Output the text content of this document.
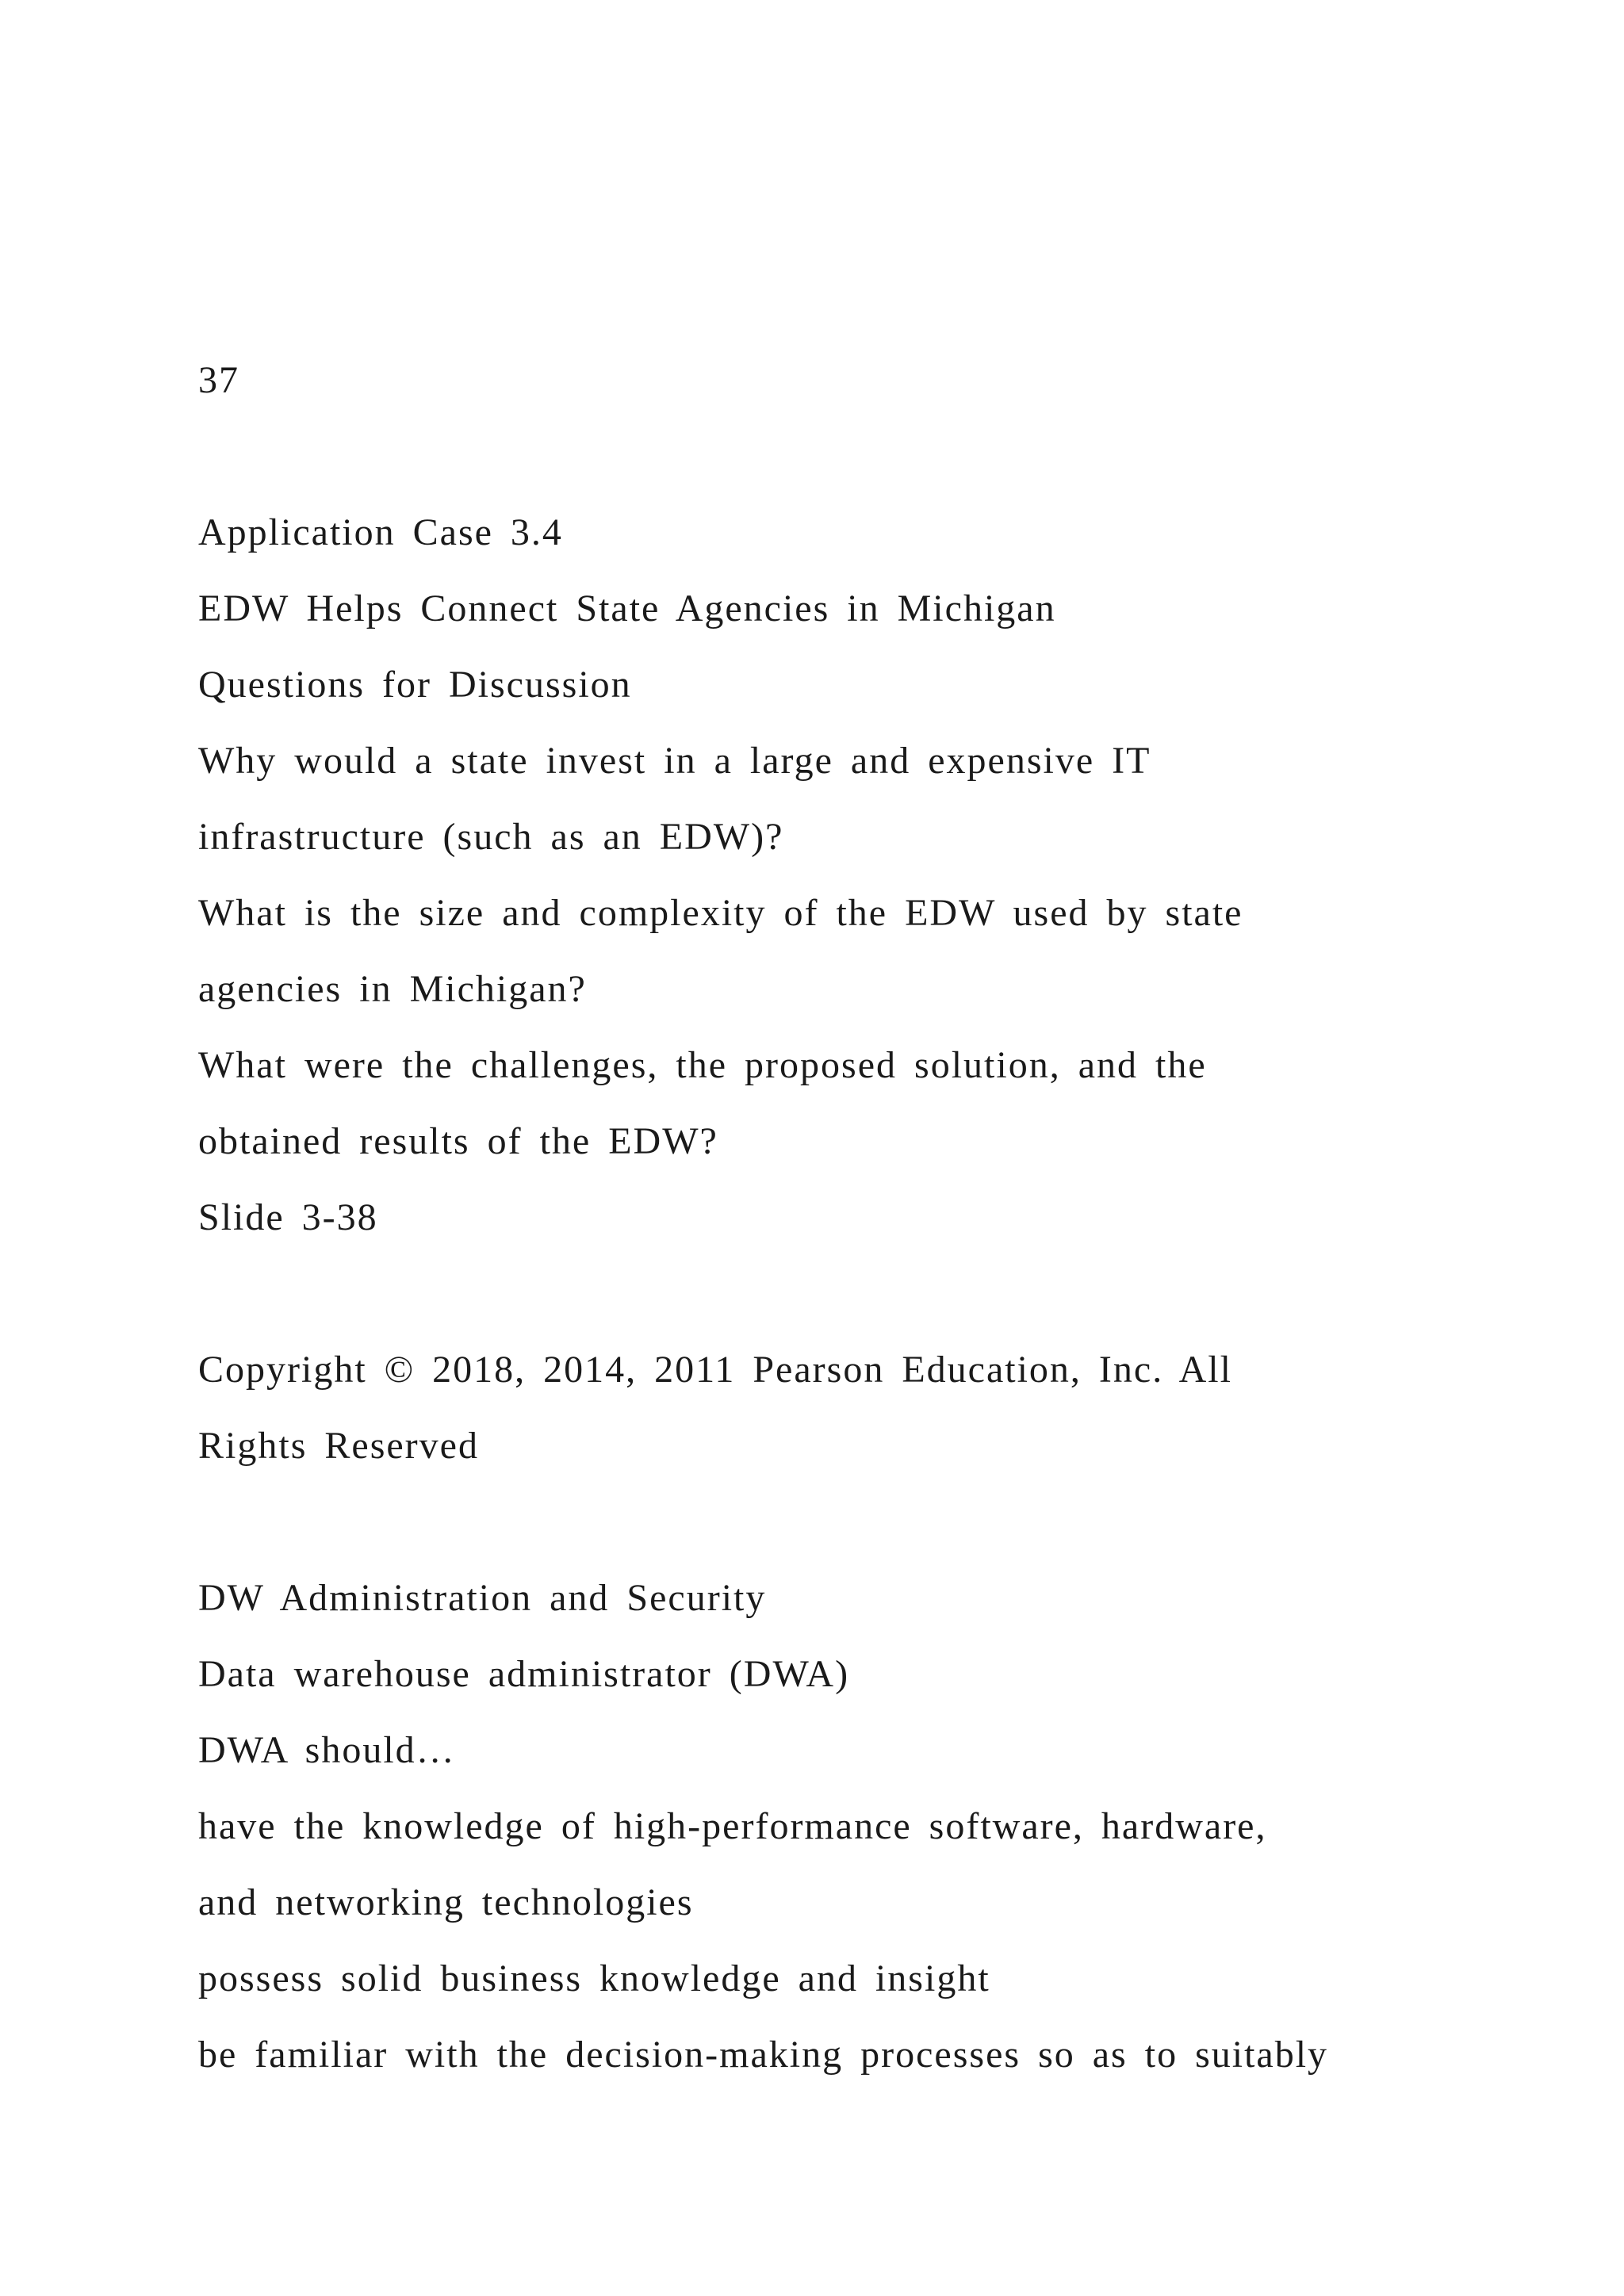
37
Application Case 3.4
EDW Helps Connect State Agencies in Michigan
Questions for Discussion
Why would a state invest in a large and expensive IT
infrastructure (such as an EDW)?
What is the size and complexity of the EDW used by state
agencies in Michigan?
What were the challenges, the proposed solution, and the
obtained results of the EDW?
Slide 3-38
Copyright © 2018, 2014, 2011 Pearson Education, Inc. All
Rights Reserved
DW Administration and Security
Data warehouse administrator (DWA)
DWA should…
have the knowledge of high-performance software, hardware,
and networking technologies
possess solid business knowledge and insight
be familiar with the decision-making processes so as to suitably
